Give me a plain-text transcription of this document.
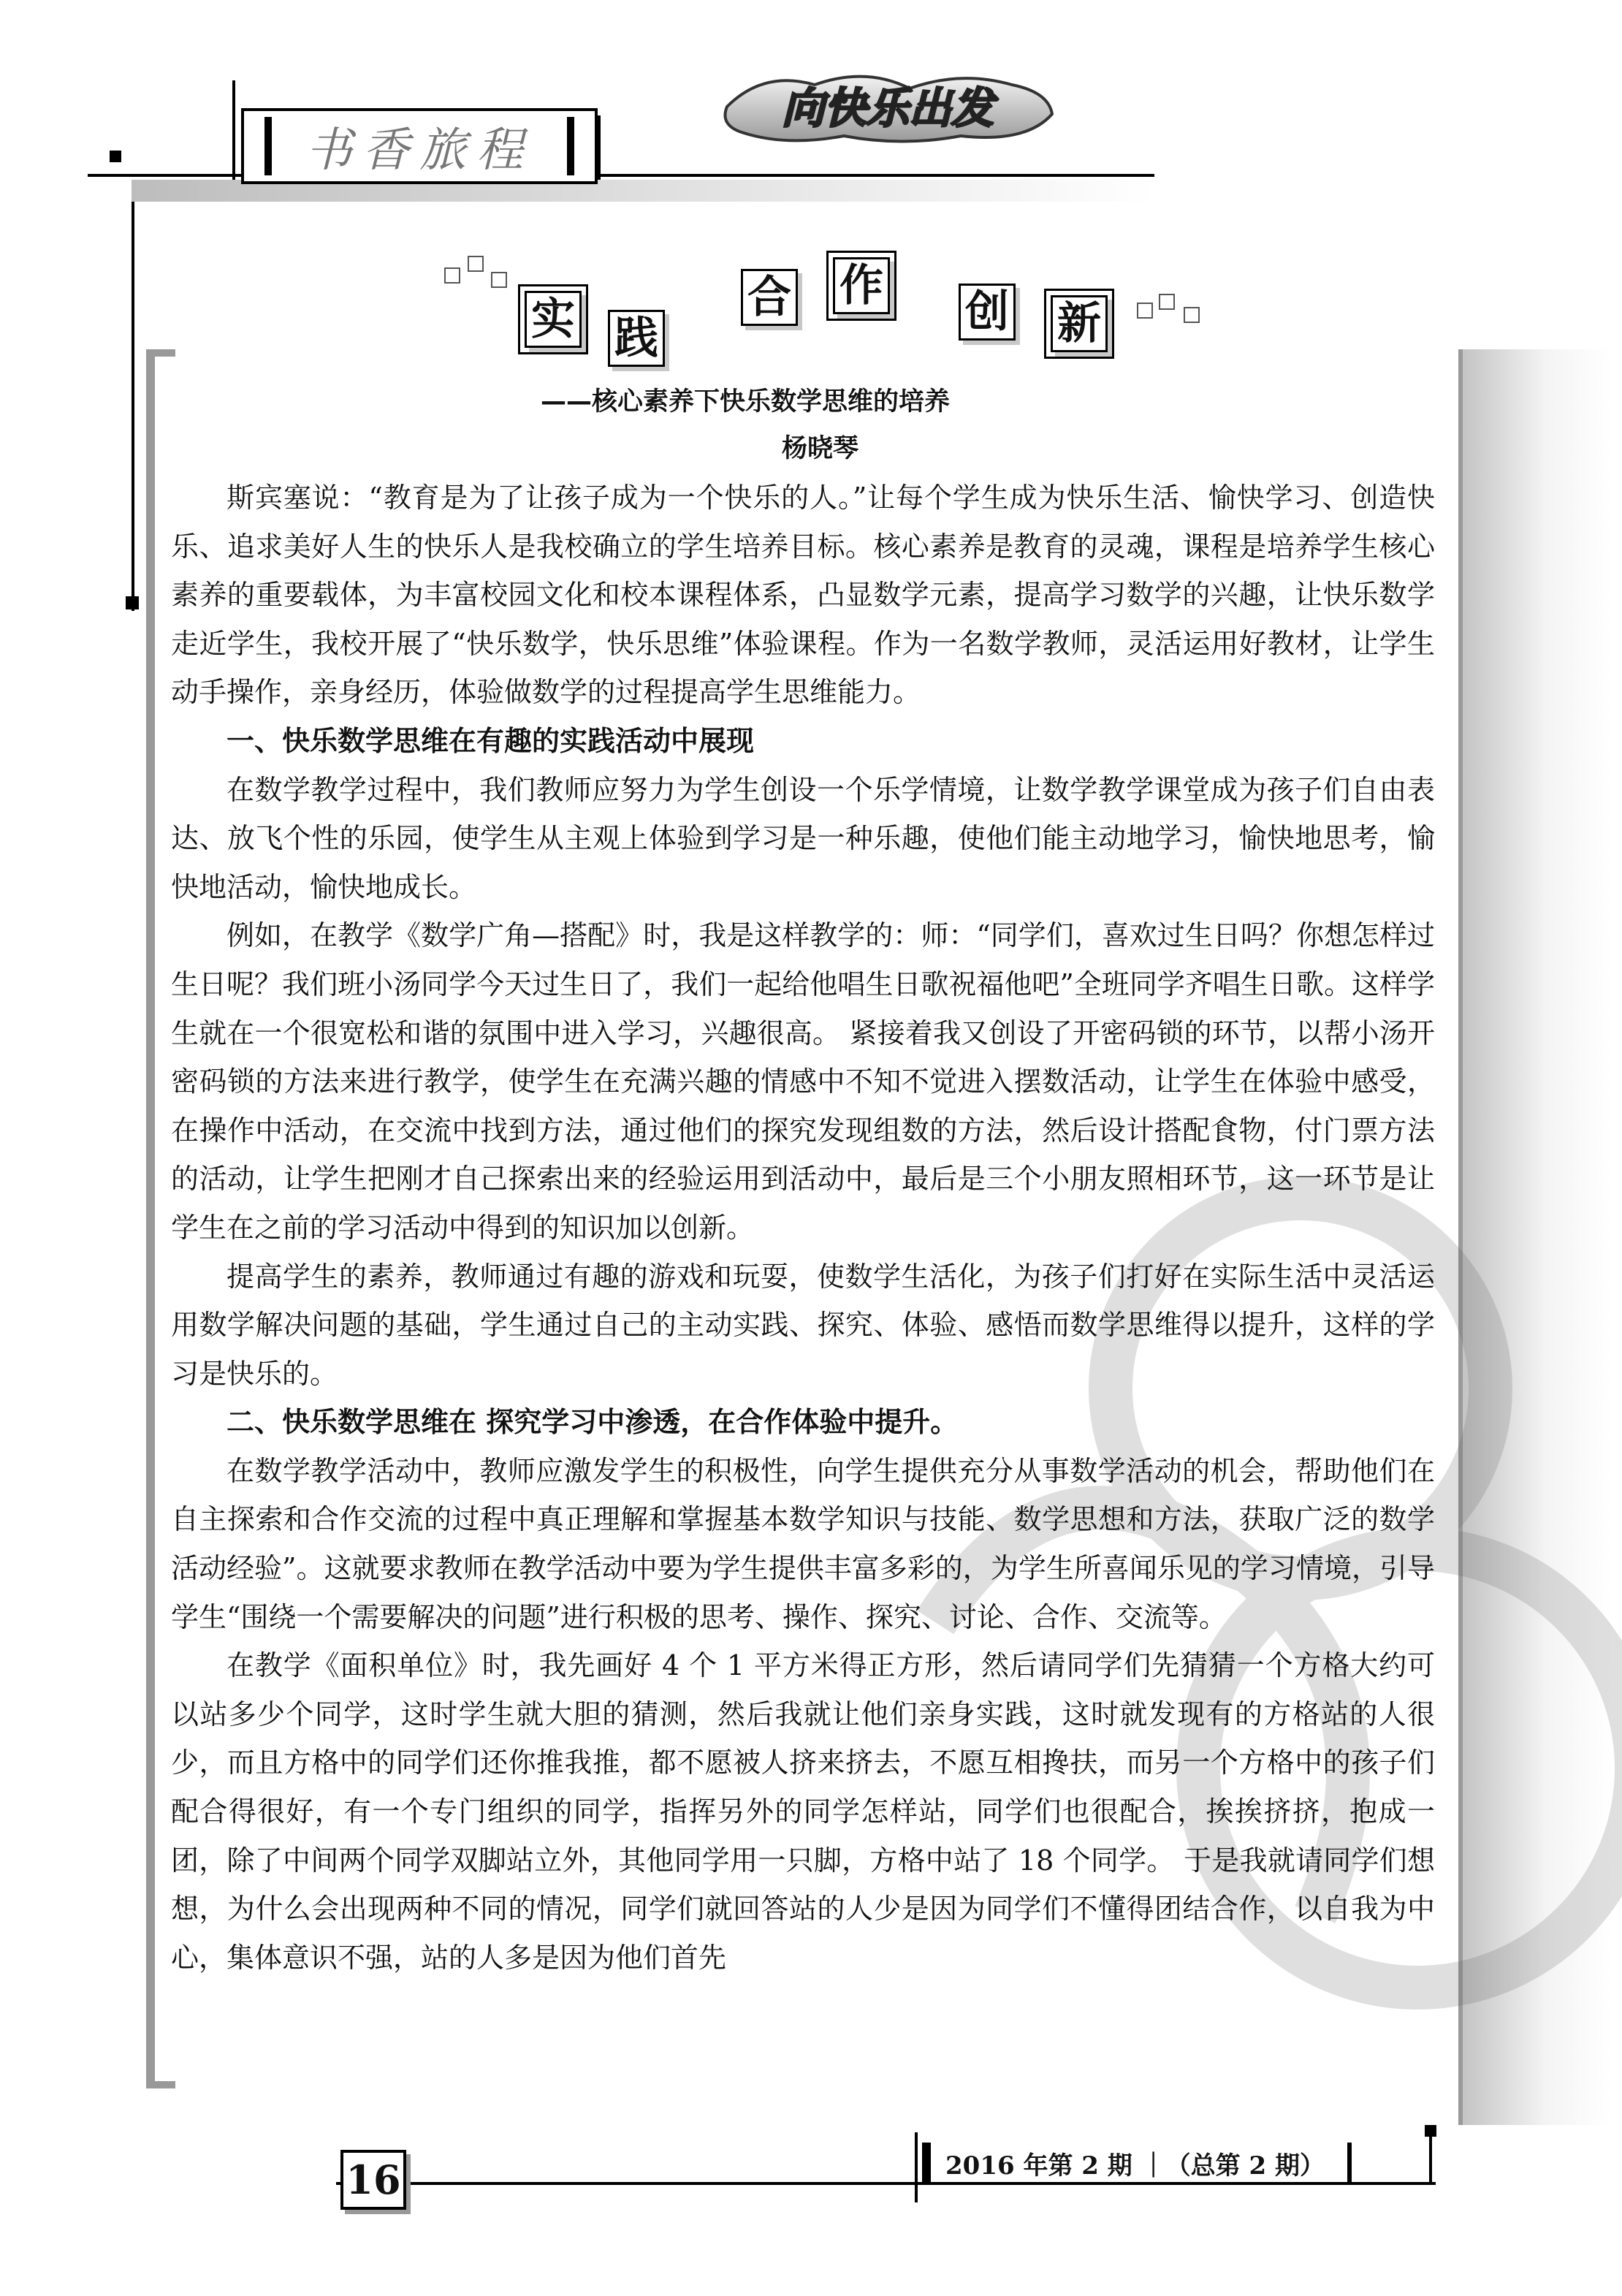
书香旅程
向快乐出发
实 践
合 作
创 新
——核心素养下快乐数学思维的培养
杨晓琴

斯宾塞说：“教育是为了让孩子成为一个快乐的人。”让每个学生成为快乐生活、愉快学习、创造快乐、追求美好人生的快乐人是我校确立的学生培养目标。核心素养是教育的灵魂，课程是培养学生核心素养的重要载体，为丰富校园文化和校本课程体系，凸显数学元素，提高学习数学的兴趣，让快乐数学走近学生，我校开展了“快乐数学，快乐思维”体验课程。作为一名数学教师，灵活运用好教材，让学生动手操作，亲身经历，体验做数学的过程提高学生思维能力。

一、快乐数学思维在有趣的实践活动中展现

在数学教学过程中，我们教师应努力为学生创设一个乐学情境，让数学教学课堂成为孩子们自由表达、放飞个性的乐园，使学生从主观上体验到学习是一种乐趣，使他们能主动地学习，愉快地思考，愉快地活动，愉快地成长。

例如，在教学《数学广角—搭配》时，我是这样教学的：师：“同学们，喜欢过生日吗？你想怎样过生日呢？我们班小汤同学今天过生日了，我们一起给他唱生日歌祝福他吧”全班同学齐唱生日歌。这样学生就在一个很宽松和谐的氛围中进入学习，兴趣很高。 紧接着我又创设了开密码锁的环节，以帮小汤开密码锁的方法来进行教学，使学生在充满兴趣的情感中不知不觉进入摆数活动，让学生在体验中感受，在操作中活动，在交流中找到方法，通过他们的探究发现组数的方法，然后设计搭配食物，付门票方法的活动，让学生把刚才自己探索出来的经验运用到活动中，最后是三个小朋友照相环节，这一环节是让学生在之前的学习活动中得到的知识加以创新。

提高学生的素养，教师通过有趣的游戏和玩耍，使数学生活化，为孩子们打好在实际生活中灵活运用数学解决问题的基础，学生通过自己的主动实践、探究、体验、感悟而数学思维得以提升，这样的学习是快乐的。

二、快乐数学思维在 探究学习中渗透，在合作体验中提升。

在数学教学活动中，教师应激发学生的积极性，向学生提供充分从事数学活动的机会，帮助他们在自主探索和合作交流的过程中真正理解和掌握基本数学知识与技能、数学思想和方法，获取广泛的数学活动经验”。这就要求教师在教学活动中要为学生提供丰富多彩的，为学生所喜闻乐见的学习情境，引导学生“围绕一个需要解决的问题”进行积极的思考、操作、探究、讨论、合作、交流等。

在教学《面积单位》时，我先画好 4 个 1 平方米得正方形，然后请同学们先猜猜一个方格大约可以站多少个同学，这时学生就大胆的猜测，然后我就让他们亲身实践，这时就发现有的方格站的人很少，而且方格中的同学们还你推我推，都不愿被人挤来挤去，不愿互相搀扶，而另一个方格中的孩子们配合得很好，有一个专门组织的同学，指挥另外的同学怎样站，同学们也很配合，挨挨挤挤，抱成一团，除了中间两个同学双脚站立外，其他同学用一只脚，方格中站了 18 个同学。 于是我就请同学们想想，为什么会出现两种不同的情况，同学们就回答站的人少是因为同学们不懂得团结合作，以自我为中心，集体意识不强，站的人多是因为他们首先

16	2016 年第 2 期 ｜（总第 2 期）
